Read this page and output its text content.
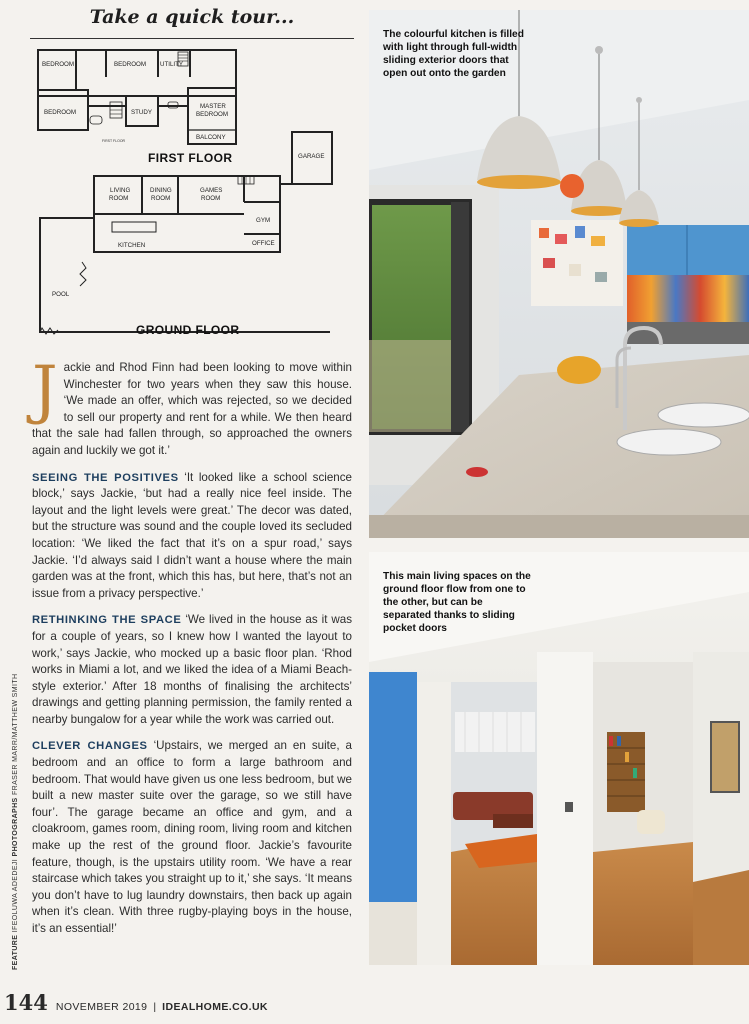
Take a quick tour...
BEDROOM	BEDROOM UTILITY
BEDROOM	STUDY
MASTER BEDROOM
BALCONY
FIRST FLOOR
FIRST FLOOR
LIVING ROOM
DINING ROOM
GAMES ROOM
GARAGE
GYM
KITCHEN	OFFICE
POOL
GROUND FLOOR

Jackie and Rhod Finn had been looking to move within Winchester for two years when they saw this house. ‘We made an offer, which was rejected, so we decided to sell our property and rent for a while. We then heard that the sale had fallen through, so approached the owners again and luckily we got it.’

SEEING THE POSITIVES ‘It looked like a school science block,’ says Jackie, ‘but had a really nice feel inside. The layout and the light levels were great.’ The decor was dated, but the structure was sound and the couple loved its secluded location: ‘We liked the fact that it’s on a spur road,’ says Jackie. ‘I’d always said I didn’t want a house where the main garden was at the front, which this has, but here, that’s not an issue from a privacy perspective.’

RETHINKING THE SPACE ‘We lived in the house as it was for a couple of years, so I knew how I wanted the layout to work,’ says Jackie, who mocked up a basic floor plan. ‘Rhod works in Miami a lot, and we liked the idea of a Miami Beach-style exterior.’ After 18 months of finalising the architects’ drawings and getting planning permission, the family rented a nearby bungalow for a year while the work was carried out.

CLEVER CHANGES ‘Upstairs, we merged an en suite, a bedroom and an office to form a large bathroom and bedroom. That would have given us one less bedroom, but we built a new master suite over the garage, so we still have four’. The garage became an office and gym, and a cloakroom, games room, dining room, living room and kitchen make up the rest of the ground floor. Jackie’s favourite feature, though, is the upstairs utility room. ‘We have a rear staircase which takes you straight up to it,’ she says. ‘It means you don’t have to lug laundry downstairs, then back up again when it’s clean. With three rugby-playing boys in the house, it’s an essential!’

FEATURE IFEOLUWA ADEDEJI PHOTOGRAPHS FRASER MARR/MATTHEW SMITH
144 NOVEMBER 2019 | IDEALHOME.CO.UK
The colourful kitchen is filled with light through full-width sliding exterior doors that open out onto the garden
This main living spaces on the ground floor flow from one to the other, but can be separated thanks to sliding pocket doors
